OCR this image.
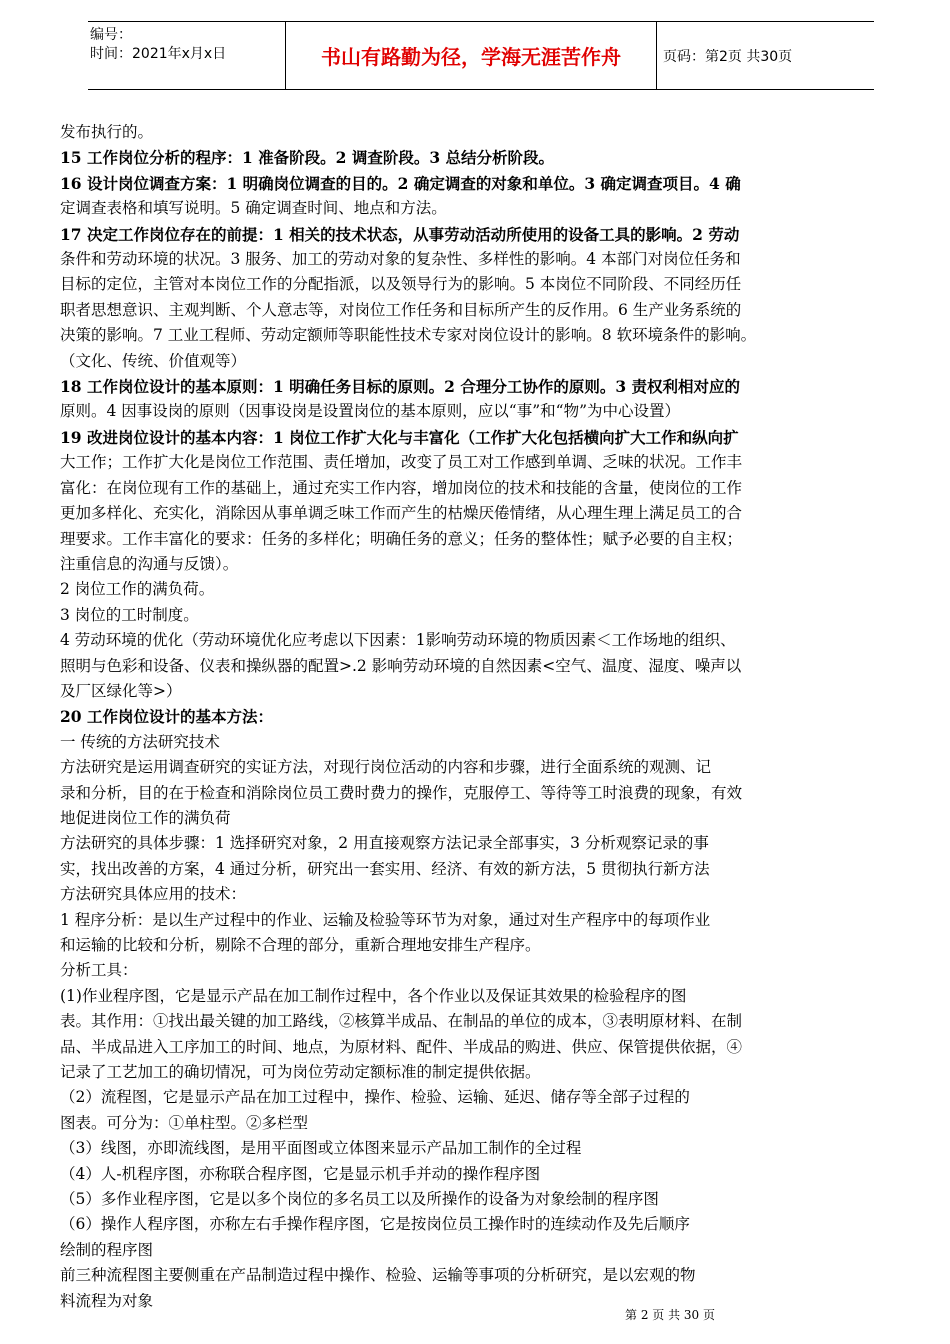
编号：
时间：2021年x月x日	书山有路勤为径，学海无涯苦作舟	页码：第2页 共30页

发布执行的。

15 工作岗位分析的程序：1 准备阶段。2 调查阶段。3 总结分析阶段。

16 设计岗位调查方案：1 明确岗位调查的目的。2 确定调查的对象和单位。3 确定调查项目。4 确

定调查表格和填写说明。5 确定调查时间、地点和方法。

17 决定工作岗位存在的前提：1 相关的技术状态，从事劳动活动所使用的设备工具的影响。2 劳动

条件和劳动环境的状况。3 服务、加工的劳动对象的复杂性、多样性的影响。4 本部门对岗位任务和

目标的定位，主管对本岗位工作的分配指派，以及领导行为的影响。5 本岗位不同阶段、不同经历任

职者思想意识、主观判断、个人意志等，对岗位工作任务和目标所产生的反作用。6 生产业务系统的

决策的影响。7 工业工程师、劳动定额师等职能性技术专家对岗位设计的影响。8 软环境条件的影响。

（文化、传统、价值观等）

18 工作岗位设计的基本原则：1 明确任务目标的原则。2 合理分工协作的原则。3 责权利相对应的

原则。4 因事设岗的原则（因事设岗是设置岗位的基本原则，应以“事”和“物”为中心设置）

19 改进岗位设计的基本内容：1 岗位工作扩大化与丰富化（工作扩大化包括横向扩大工作和纵向扩

大工作；工作扩大化是岗位工作范围、责任增加，改变了员工对工作感到单调、乏味的状况。工作丰

富化：在岗位现有工作的基础上，通过充实工作内容，增加岗位的技术和技能的含量，使岗位的工作

更加多样化、充实化，消除因从事单调乏味工作而产生的枯燥厌倦情绪，从心理生理上满足员工的合

理要求。工作丰富化的要求：任务的多样化；明确任务的意义；任务的整体性；赋予必要的自主权；

注重信息的沟通与反馈）。

2 岗位工作的满负荷。

3 岗位的工时制度。

4 劳动环境的优化（劳动环境优化应考虑以下因素：1影响劳动环境的物质因素＜工作场地的组织、

照明与色彩和设备、仪表和操纵器的配置>.2 影响劳动环境的自然因素<空气、温度、湿度、噪声以

及厂区绿化等>）

20 工作岗位设计的基本方法：

一 传统的方法研究技术

方法研究是运用调查研究的实证方法，对现行岗位活动的内容和步骤，进行全面系统的观测、记

录和分析，目的在于检查和消除岗位员工费时费力的操作，克服停工、等待等工时浪费的现象，有效

地促进岗位工作的满负荷

方法研究的具体步骤：1 选择研究对象，2 用直接观察方法记录全部事实，3 分析观察记录的事

实，找出改善的方案，4 通过分析，研究出一套实用、经济、有效的新方法，5 贯彻执行新方法

方法研究具体应用的技术：

1 程序分析：是以生产过程中的作业、运输及检验等环节为对象，通过对生产程序中的每项作业

和运输的比较和分析，剔除不合理的部分，重新合理地安排生产程序。

分析工具：

(1)作业程序图，它是显示产品在加工制作过程中，各个作业以及保证其效果的检验程序的图

表。其作用：①找出最关键的加工路线，②核算半成品、在制品的单位的成本，③表明原材料、在制

品、半成品进入工序加工的时间、地点，为原材料、配件、半成品的购进、供应、保管提供依据，④

记录了工艺加工的确切情况，可为岗位劳动定额标准的制定提供依据。

（2）流程图，它是显示产品在加工过程中，操作、检验、运输、延迟、储存等全部子过程的

图表。可分为：①单柱型。②多栏型

（3）线图，亦即流线图，是用平面图或立体图来显示产品加工制作的全过程

（4）人-机程序图，亦称联合程序图，它是显示机手并动的操作程序图

（5）多作业程序图，它是以多个岗位的多名员工以及所操作的设备为对象绘制的程序图

（6）操作人程序图，亦称左右手操作程序图，它是按岗位员工操作时的连续动作及先后顺序

绘制的程序图

前三种流程图主要侧重在产品制造过程中操作、检验、运输等事项的分析研究，是以宏观的物

料流程为对象

第 2 页 共 30 页
